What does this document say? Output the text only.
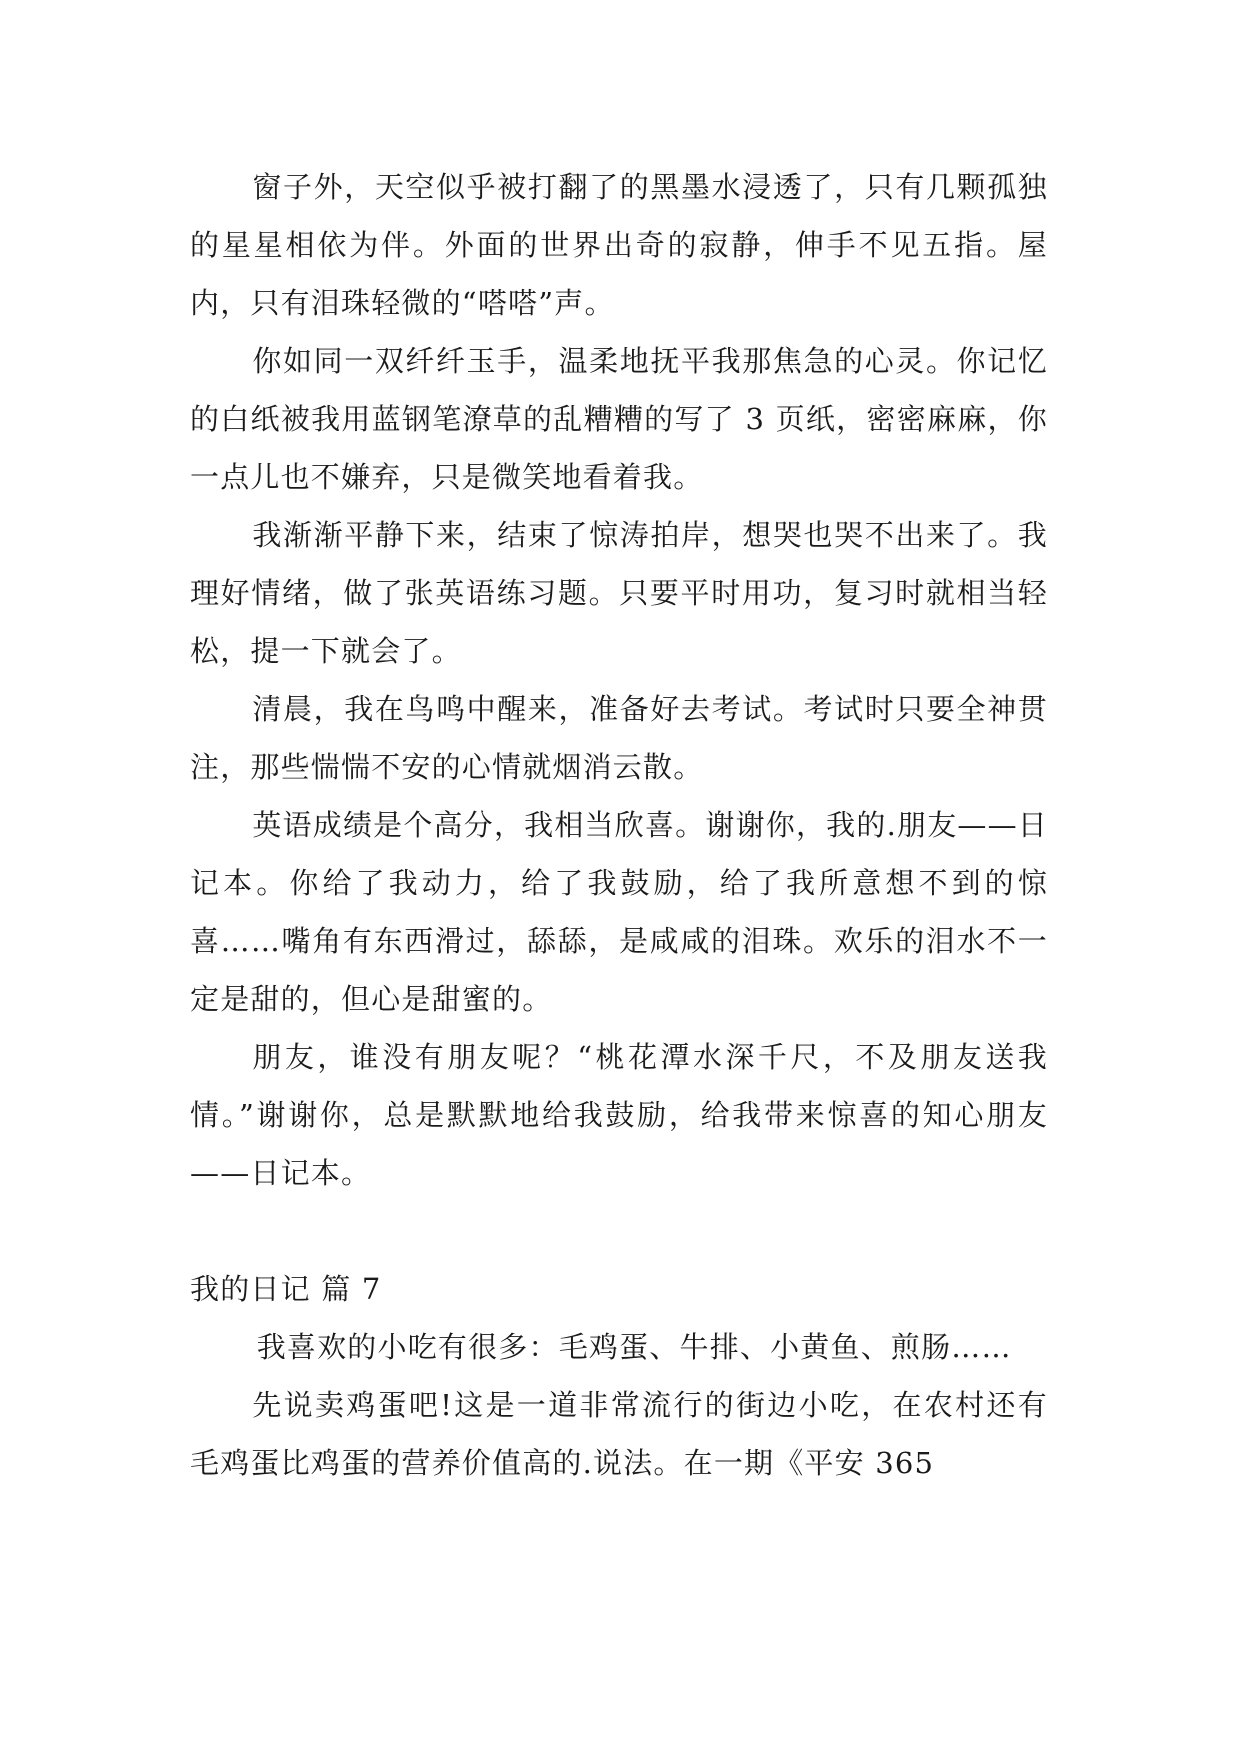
窗子外，天空似乎被打翻了的黑墨水浸透了，只有几颗孤独的星星相依为伴。外面的世界出奇的寂静，伸手不见五指。屋内，只有泪珠轻微的“嗒嗒”声。

你如同一双纤纤玉手，温柔地抚平我那焦急的心灵。你记忆的白纸被我用蓝钢笔潦草的乱糟糟的写了 3 页纸，密密麻麻，你一点儿也不嫌弃，只是微笑地看着我。

我渐渐平静下来，结束了惊涛拍岸，想哭也哭不出来了。我理好情绪，做了张英语练习题。只要平时用功，复习时就相当轻松，提一下就会了。

清晨，我在鸟鸣中醒来，准备好去考试。考试时只要全神贯注，那些惴惴不安的心情就烟消云散。

英语成绩是个高分，我相当欣喜。谢谢你，我的.朋友——日记本。你给了我动力，给了我鼓励，给了我所意想不到的惊喜……嘴角有东西滑过，舔舔，是咸咸的泪珠。欢乐的泪水不一定是甜的，但心是甜蜜的。

朋友，谁没有朋友呢？“桃花潭水深千尺，不及朋友送我情。”谢谢你，总是默默地给我鼓励，给我带来惊喜的知心朋友——日记本。

我的日记 篇 7

我喜欢的小吃有很多：毛鸡蛋、牛排、小黄鱼、煎肠……

先说卖鸡蛋吧!这是一道非常流行的街边小吃，在农村还有毛鸡蛋比鸡蛋的营养价值高的.说法。在一期《平安 365
